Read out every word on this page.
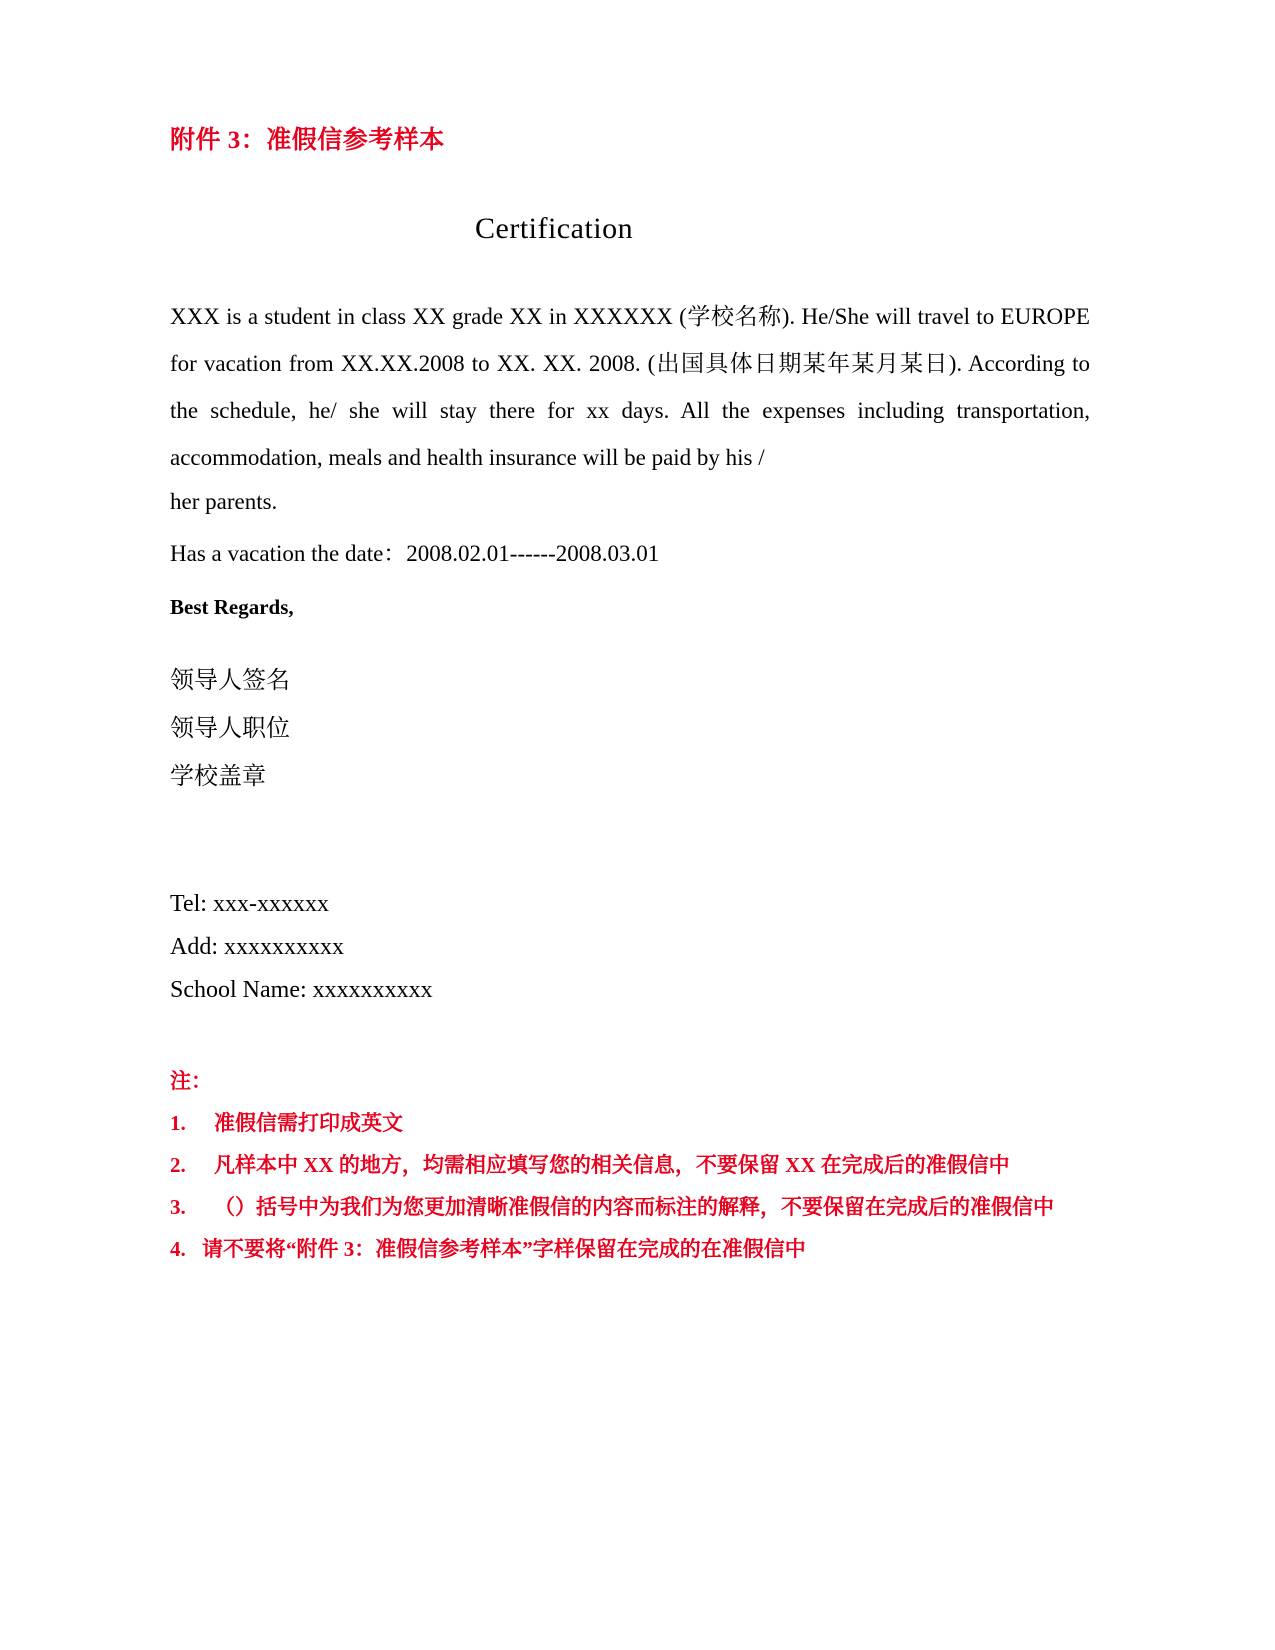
附件 3：准假信参考样本
Certification
XXX is a student in class XX grade XX in XXXXXX (学校名称). He/She will travel to EUROPE for vacation from XX.XX.2008 to XX. XX. 2008. (出国具体日期某年某月某日). According to the schedule, he/ she will stay there for xx days. All the expenses including transportation, accommodation, meals and health insurance will be paid by his /
her parents.
Has a vacation the date：2008.02.01------2008.03.01
Best Regards,
领导人签名
领导人职位
学校盖章
Tel: xxx-xxxxxx
Add: xxxxxxxxxx
School Name: xxxxxxxxxx
注：
1. 准假信需打印成英文
2. 凡样本中 XX 的地方，均需相应填写您的相关信息，不要保留 XX 在完成后的准假信中
3. （）括号中为我们为您更加清晰准假信的内容而标注的解释，不要保留在完成后的准假信中
4. 请不要将“附件 3：准假信参考样本”字样保留在完成的在准假信中
